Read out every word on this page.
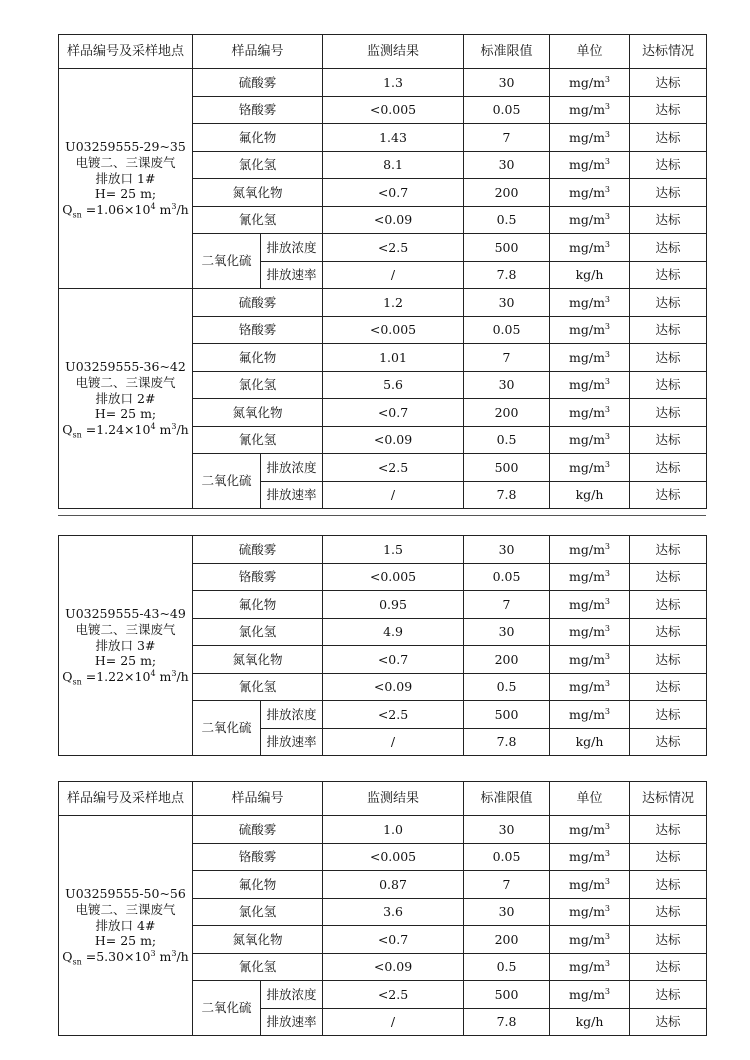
样品编号及采样地点	样品编号		监测结果	标准限值	单位	达标情况

U03259555-29~35
电镀二、三课废气
排放口 1#
H= 25 m;
$Q_{sn} =1.06\times 10^4$ $m^3/h$	硫酸雾		1.3	30	$mg/m^3$	达标
	铬酸雾		<0.005	0.05	$mg/m^3$	达标
	氟化物		1.43	7	$mg/m^3$	达标
	氯化氢		8.1	30	$mg/m^3$	达标
	氮氧化物		<0.7	200	$mg/m^3$	达标
	氰化氢		<0.09	0.5	$mg/m^3$	达标
	二氧化硫	排放浓度	<2.5	500	$mg/m^3$	达标
		排放速率	/	7.8	kg/h	达标

U03259555-36~42
电镀二、三课废气
排放口 2#
H= 25 m;
$Q_{sn} =1.24\times 10^4$ $m^3/h$	硫酸雾		1.2	30	$mg/m^3$	达标
	铬酸雾		<0.005	0.05	$mg/m^3$	达标
	氟化物		1.01	7	$mg/m^3$	达标
	氯化氢		5.6	30	$mg/m^3$	达标
	氮氧化物		<0.7	200	$mg/m^3$	达标
	氰化氢		<0.09	0.5	$mg/m^3$	达标
	二氧化硫	排放浓度	<2.5	500	$mg/m^3$	达标
		排放速率	/	7.8	kg/h	达标
U03259555-43~49
电镀二、三课废气
排放口 3#
H= 25 m;
$Q_{sn} =1.22\times 10^4$ $m^3/h$	硫酸雾		1.5	30	$mg/m^3$	达标
	铬酸雾		<0.005	0.05	$mg/m^3$	达标
	氟化物		0.95	7	$mg/m^3$	达标
	氯化氢		4.9	30	$mg/m^3$	达标
	氮氧化物		<0.7	200	$mg/m^3$	达标
	氰化氢		<0.09	0.5	$mg/m^3$	达标
	二氧化硫	排放浓度	<2.5	500	$mg/m^3$	达标
		排放速率	/	7.8	kg/h	达标
样品编号及采样地点	样品编号		监测结果	标准限值	单位	达标情况

U03259555-50~56
电镀二、三课废气
排放口 4#
H= 25 m;
$Q_{sn} =5.30\times 10^3$ $m^3/h$	硫酸雾		1.0	30	$mg/m^3$	达标
	铬酸雾		<0.005	0.05	$mg/m^3$	达标
	氟化物		0.87	7	$mg/m^3$	达标
	氯化氢		3.6	30	$mg/m^3$	达标
	氮氧化物		<0.7	200	$mg/m^3$	达标
	氰化氢		<0.09	0.5	$mg/m^3$	达标
	二氧化硫	排放浓度	<2.5	500	$mg/m^3$	达标
		排放速率	/	7.8	kg/h	达标
